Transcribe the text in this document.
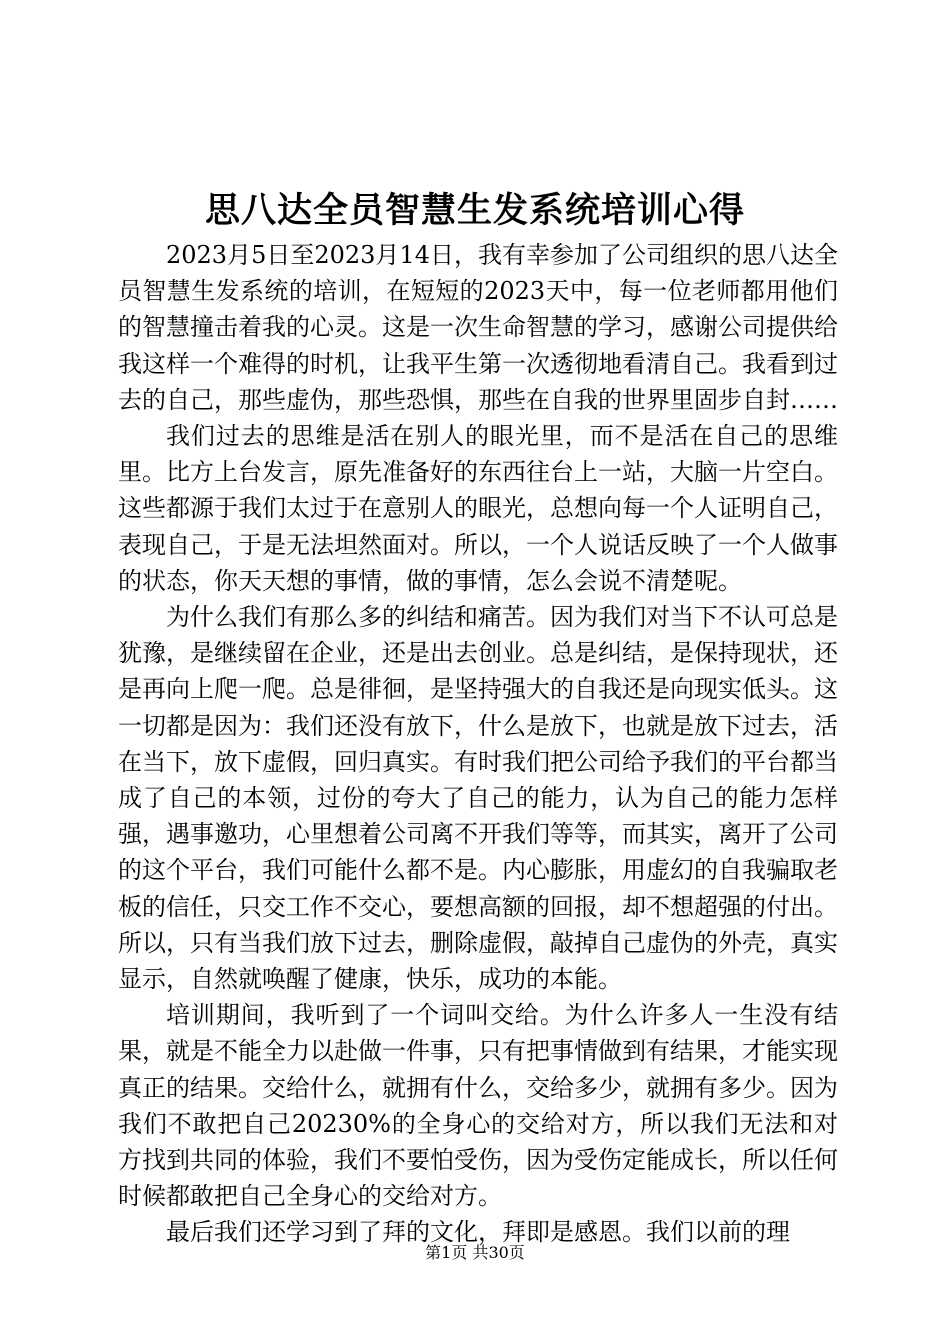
思八达全员智慧生发系统培训心得

2023月5日至2023月14日，我有幸参加了公司组织的思八达全员智慧生发系统的培训，在短短的2023天中，每一位老师都用他们的智慧撞击着我的心灵。这是一次生命智慧的学习，感谢公司提供给我这样一个难得的时机，让我平生第一次透彻地看清自己。我看到过去的自己，那些虚伪，那些恐惧，那些在自我的世界里固步自封……

我们过去的思维是活在别人的眼光里，而不是活在自己的思维里。比方上台发言，原先准备好的东西往台上一站，大脑一片空白。这些都源于我们太过于在意别人的眼光，总想向每一个人证明自己，表现自己，于是无法坦然面对。所以，一个人说话反映了一个人做事的状态，你天天想的事情，做的事情，怎么会说不清楚呢。

为什么我们有那么多的纠结和痛苦。因为我们对当下不认可总是犹豫，是继续留在企业，还是出去创业。总是纠结，是保持现状，还是再向上爬一爬。总是徘徊，是坚持强大的自我还是向现实低头。这一切都是因为：我们还没有放下，什么是放下，也就是放下过去，活在当下，放下虚假，回归真实。有时我们把公司给予我们的平台都当成了自己的本领，过份的夸大了自己的能力，认为自己的能力怎样强，遇事邀功，心里想着公司离不开我们等等，而其实，离开了公司的这个平台，我们可能什么都不是。内心膨胀，用虚幻的自我骗取老板的信任，只交工作不交心，要想高额的回报，却不想超强的付出。所以，只有当我们放下过去，删除虚假，敲掉自己虚伪的外壳，真实显示，自然就唤醒了健康，快乐，成功的本能。

培训期间，我听到了一个词叫交给。为什么许多人一生没有结果，就是不能全力以赴做一件事，只有把事情做到有结果，才能实现真正的结果。交给什么，就拥有什么，交给多少，就拥有多少。因为我们不敢把自己20230%的全身心的交给对方，所以我们无法和对方找到共同的体验，我们不要怕受伤，因为受伤定能成长，所以任何时候都敢把自己全身心的交给对方。

最后我们还学习到了拜的文化，拜即是感恩。我们以前的理

第1页 共30页
